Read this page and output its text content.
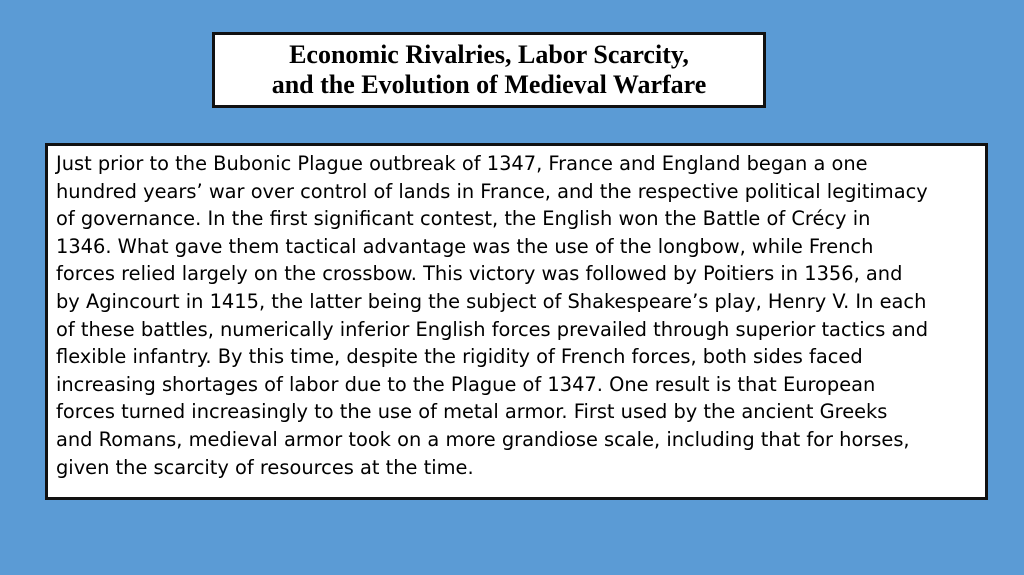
Economic Rivalries, Labor Scarcity,
and the Evolution of Medieval Warfare
Just prior to the Bubonic Plague outbreak of 1347, France and England began a one
hundred years’ war over control of lands in France, and the respective political legitimacy
of governance. In the first significant contest, the English won the Battle of Crécy in
1346. What gave them tactical advantage was the use of the longbow, while French
forces relied largely on the crossbow. This victory was followed by Poitiers in 1356, and
by Agincourt in 1415, the latter being the subject of Shakespeare’s play, Henry V. In each
of these battles, numerically inferior English forces prevailed through superior tactics and
flexible infantry. By this time, despite the rigidity of French forces, both sides faced
increasing shortages of labor due to the Plague of 1347. One result is that European
forces turned increasingly to the use of metal armor. First used by the ancient Greeks
and Romans, medieval armor took on a more grandiose scale, including that for horses,
given the scarcity of resources at the time.
